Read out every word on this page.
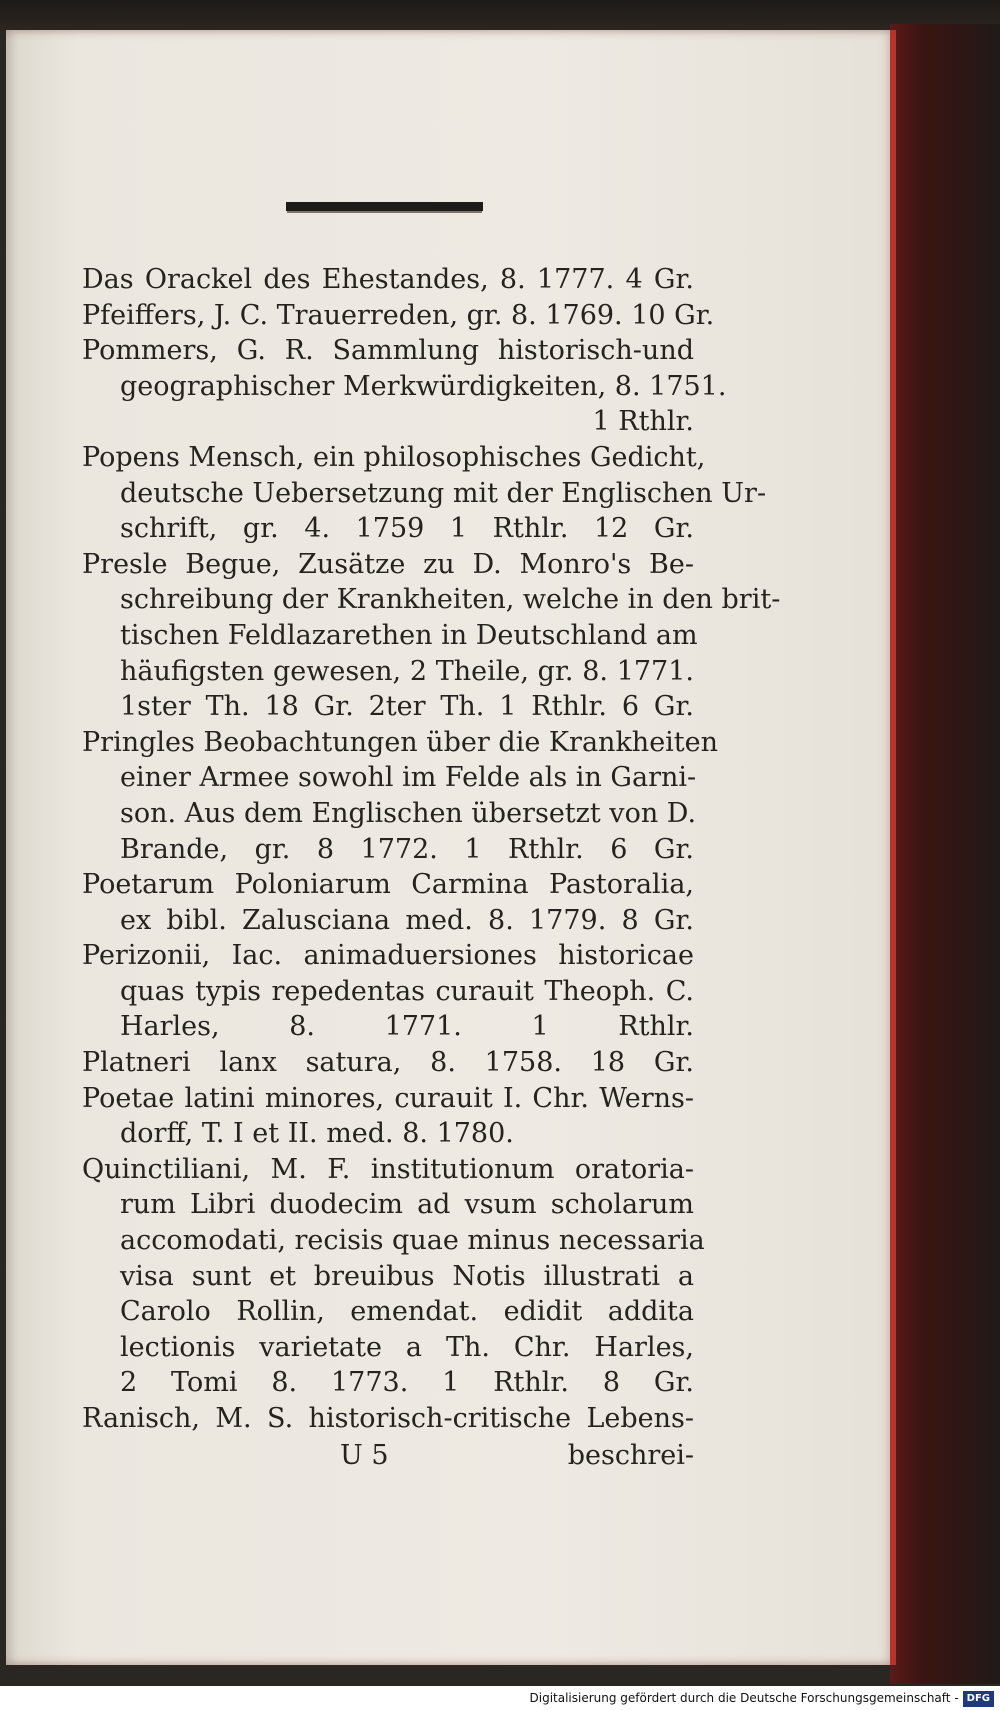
Das Orackel des Ehestandes, 8. 1777. 4 Gr.
Pfeiffers, J. C. Trauerreden, gr. 8. 1769. 10 Gr.
Pommers, G. R. Sammlung historisch-und
geographischer Merkwürdigkeiten, 8. 1751.
1 Rthlr.
Popens Mensch, ein philosophisches Gedicht,
deutsche Uebersetzung mit der Englischen Ur-
schrift, gr. 4. 1759 1 Rthlr. 12 Gr.
Presle Begue, Zusätze zu D. Monro's Be-
schreibung der Krankheiten, welche in den brit-
tischen Feldlazarethen in Deutschland am
häufigsten gewesen, 2 Theile, gr. 8. 1771.
1ster Th. 18 Gr. 2ter Th. 1 Rthlr. 6 Gr.
Pringles Beobachtungen über die Krankheiten
einer Armee sowohl im Felde als in Garni-
son. Aus dem Englischen übersetzt von D.
Brande, gr. 8 1772. 1 Rthlr. 6 Gr.
Poetarum Poloniarum Carmina Pastoralia,
ex bibl. Zalusciana med. 8. 1779. 8 Gr.
Perizonii, Iac. animaduersiones historicae
quas typis repedentas curauit Theoph. C.
Harles, 8. 1771. 1 Rthlr.
Platneri lanx satura, 8. 1758. 18 Gr.
Poetae latini minores, curauit I. Chr. Werns-
dorff, T. I et II. med. 8. 1780.
Quinctiliani, M. F. institutionum oratoria-
rum Libri duodecim ad vsum scholarum
accomodati, recisis quae minus necessaria
visa sunt et breuibus Notis illustrati a
Carolo Rollin, emendat. edidit addita
lectionis varietate a Th. Chr. Harles,
2 Tomi 8. 1773. 1 Rthlr. 8 Gr.
Ranisch, M. S. historisch-critische Lebens-
U 5	beschrei-
Digitalisierung gefördert durch die Deutsche Forschungsgemeinschaft - DFG
